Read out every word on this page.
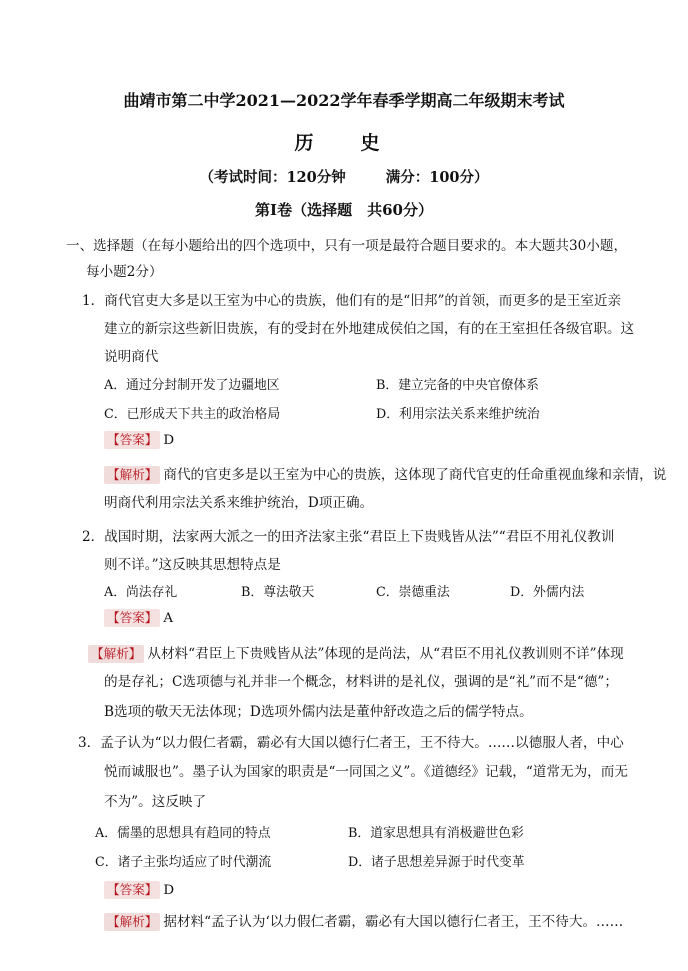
曲靖市第二中学2021—2022学年春季学期高二年级期末考试
历　史
（考试时间：120分钟	满分：100分）
第Ⅰ卷（选择题　共60分）
一、选择题（在每小题给出的四个选项中，只有一项是最符合题目要求的。本大题共30小题，
每小题2分）
1．商代官吏大多是以王室为中心的贵族，他们有的是“旧邦”的首领，而更多的是王室近亲
建立的新宗这些新旧贵族，有的受封在外地建成侯伯之国，有的在王室担任各级官职。这
说明商代
A．通过分封制开发了边疆地区	B．建立完备的中央官僚体系
C．已形成天下共主的政治格局	D．利用宗法关系来维护统治
【答案】 D
【解析】 商代的官吏多是以王室为中心的贵族，这体现了商代官吏的任命重视血缘和亲情，说
明商代利用宗法关系来维护统治，D项正确。
2．战国时期，法家两大派之一的田齐法家主张“君臣上下贵贱皆从法”“君臣不用礼仪教训
则不详。”这反映其思想特点是
A．尚法存礼	B．尊法敬天	C．崇德重法	D．外儒内法
【答案】 A
【解析】 从材料“君臣上下贵贱皆从法”体现的是尚法，从“君臣不用礼仪教训则不详”体现
的是存礼；C选项德与礼并非一个概念，材料讲的是礼仪，强调的是“礼”而不是“德”；
B选项的敬天无法体现；D选项外儒内法是董仲舒改造之后的儒学特点。
3．孟子认为“以力假仁者霸，霸必有大国以德行仁者王，王不待大。……以德服人者，中心
悦而诚服也”。墨子认为国家的职责是“一同国之义”。《道德经》记载，“道常无为，而无
不为”。这反映了
A．儒墨的思想具有趋同的特点	B．道家思想具有消极避世色彩
C．诸子主张均适应了时代潮流	D．诸子思想差异源于时代变革
【答案】 D
【解析】 据材料“孟子认为‘以力假仁者霸，霸必有大国以德行仁者王，王不待大。……
